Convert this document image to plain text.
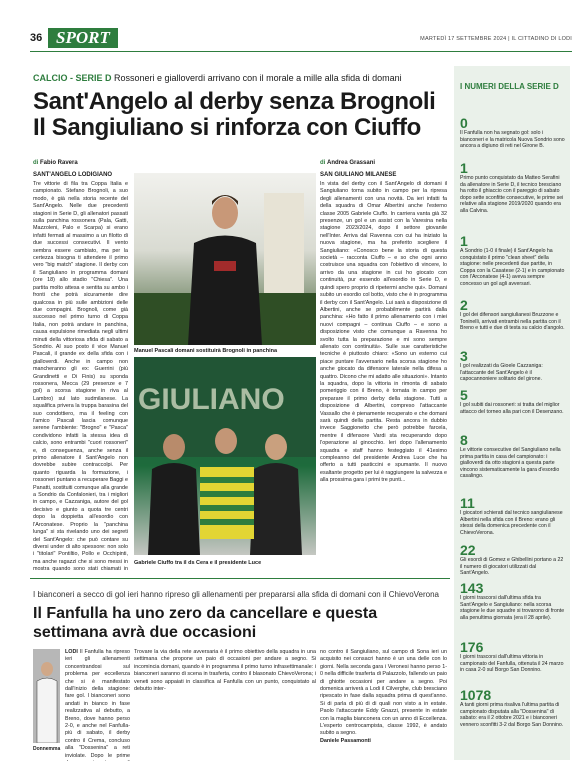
36 SPORT	MARTEDÌ 17 SETTEMBRE 2024 | IL CITTADINO DI LODI
CALCIO - SERIE D Rossoneri e gialloverdi arrivano con il morale a mille alla sfida di domani
Sant'Angelo al derby senza Brognoli Il Sangiuliano si rinforza con Ciuffo
di Fabio Ravera	di Andrea Grassani
SANT'ANGELO LODIGIANO	SAN GIULIANO MILANESE
Tre vittorie di fila tra Coppa Italia e campionato. Stefano Brognoli, a suo modo, è già nella storia recente del Sant'Angelo. Nelle due precedenti stagioni in Serie D, gli allenatori passati sulla panchina rossonera (Pala, Gatti, Mazzoleni, Palo e Scarpa) si erano infatti fermati al massimo a un filotto di due successi consecutivi. Il vento sembra essere cambiato, ma per la certezza bisogna ti attendere il primo vero "big match" stagione. Il derby con il Sangiuliano in programma domani (ore 18) allo stadio "Chiesa". Una partita molto attesa e sentita su ambo i fronti che potrà sicuramente dire qualcosa in più sulle ambizioni delle due compagini. Brognoli, come già successo nel primo turno di Coppa Italia, non potrà andare in panchina, causa espulsione rimediata negli ultimi minuti della vittoriosa sfida di sabato a Sondrio. Al suo posto il vice Manuel Pascali, il grande ex della sfida con i gialloverdi. Anche in campo non mancheranno gli ex: Guerrini (più Grandinetti e Di Finis) su sponda rossonera, Mecca (29 presenze e 7 gol) a scorsa stagione in riva al Lambro) sul lato sudmilanese. La squalifica privera la truppa barasina del suo condottiero, ma il feeling con l'amico Pascali lascia comunque serene l'ambiente: "Brogno" e "Pasca" condividono infatti la stessa idea di calcio, sono entrambi "cuori rossoneri" e, di conseguenza, anche senza il primo allenatore il Sant'Angelo non dovrebbe subire contraccolpi. Per quanto riguarda la formazione, i rossoneri puntano a recuperare Baggi e Panatti, sostituiti comunque alla grande a Sondrio da Confalonieri, tra i migliori in campo, e Cazzaniga, autore del gol decisivo e giunto a quota tre centri dopo la doppietta all'esordio con l'Arconatese. Proprio la "panchina lunga" si sta rivelando uno dei segreti del Sant'Angelo: che può contare su diversi under di alto spessore: non solo i "titolari" Pontiltio, Pollo e Occhipinti, ma anche ragazzi che si sono messi in mostra quando sono stati chiamati in
Manuel Pascali domani sostituirà Brognoli in panchina
GIULIANO
Gabriele Ciuffo tra il ds Cera e il presidente Luce
In vista del derby con il Sant'Angelo di domani il Sangiuliano torna subito in campo per la ripresa degli allenamenti con una novità. Da ieri infatti fa della squadra di Omar Albertini anche l'esterno classe 2005 Gabriele Ciuffo. In carriera vanta già 32 presenze, un gol e un assist con la Varesina nella stagione 2023/2024, dopo il settore giovanile nell'Inter. Arriva dal Ravenna con cui ha iniziato la nuova stagione, ma ha preferito scegliere il Sangiuliano: «Conosco bene la storia di questa società – racconta Ciuffo – e so che ogni anno costruisce una squadra con l'obiettivo di vincere, lo arrivo da una stagione in cui ho giocato con continuità, pur essendo all'esordio in Serie D, e quindi spero proprio di ripetermi anche qui». Domani subito un esordio col botto, visto che è in programma il derby con il Sant'Angelo. Lui sarà a disposizione di Albertini, anche se probabilmente partirà dalla panchina: «Ho fatto il primo allenamento con i miei nuovi compagni – continua Ciuffo – e sono a disposizione visto che comunque a Ravenna ho svolto tutta la preparazione e mi sono sempre allenato con continuità». Sulle sue caratteristiche tecniche è piuttosto chiaro: «Sono un esterno cui piace puntare l'avversario nella scorsa stagione ho anche giocato da difensore laterale nella difesa a quattro. Dicono che mi adatto alle situazioni». Intanto la squadra, dopo la vittoria in rimonta di sabato pomeriggio con il Breno, è tornata in campo per preparare il primo derby della stagione. Tutti a disposizione di Albertini, compreso l'attaccante Vassallo che è pienamente recuperato e che domani sarà quindi della partita. Resta ancora in dubbio invece Saggionetto che però potrebbe farcela, mentre il difensore Vardi sta recuperando dopo l'operazione al ginocchio. Ieri dopo l'allenamento squadra e staff hanno festeggiato il 41esimo compleanno del presidente Andrea Luce che ha offerto a tutti pasticcini e spumante. Il nuovo esaltante progetto per lui è raggiungere la salvezza e alla prossima gara i primi tre punti...
I bianconeri a secco di gol ieri hanno ripreso gli allenamenti per prepararsi alla sfida di domani con il ChievoVerona
Il Fanfulla ha uno zero da cancellare e questa settimana avrà due occasioni
Donnemma
LODI Il Fanfulla ha ripreso ieri gli allenamenti concentrandosi sul problema per eccellenza che si è manifestato dall'inizio della stagione: fare gol. I bianconeri sono andati in bianco in fase realizzativa al debutto, a Breno, dove hanno perso 2-0, e anche nel Fanfulla-più di sabato, il derby contro il Crema, concluso alla "Dossenina" a reti inviolate. Dopo le prime
Trovare la via della rete avversaria è il primo obiettivo della squadra in una settimana che propone un paio di occasioni per andare a segno. Si incomincia domani, quando è in programma il primo turno infrasettimanale: i bianconeri saranno di scena in trasferta, contro il blasonato ChievoVerona; i veneti sono appaiati in classifica al Fanfulla con un punto, conquistato al debutto inter-
no contro il Sangiuliano, sul campo di Sona ieri un acquisito nei consacri hanno è un una delle con lo giorni. Nella seconda gara i Veronesi hanno perso 1-0 nella difficile trasferta di Palazzolo, fallendo un paio di ghiotte occasioni per andare a segno. Poi domenica arriverà a Lodi il Cilverghe, club bresciano ripescato in fase dalla squadra prima di quest'anno. Si di parla di più di di quali non visto a in estate. Paolo l'attaccante Eddy Gnazzi, presente in estate con la maglia bianconera con un anno di Eccellenza. L'esperto centrocampista, classe 1992, è andato subito a segno.
Daniele Passamonti
I NUMERI DELLA SERIE D
0
Il Fanfulla non ha segnato gol: solo i bianconeri e la matricola Nuova Sondrio sono ancora a digiuno di reti nel Girone B.
1
Primo punto conquistato da Matteo Serafini da allenatore in Serie D, il tecnico bresciano ha rotto il ghiaccio con il pareggio di sabato dopo sette sconfitte consecutive, le prime sei relative alla stagione 2019/2020 quando era alla Calvina.
1
A Sondrio (1-0 il finale) il Sant'Angelo ha conquistato il primo "clean sheet" della stagione: nelle precedenti due partite, in Coppa con la Casatese (2-1) e in campionato con l'Arconatese (4-1) aveva sempre concesso un gol agli avversari.
2
I gol dei difensori sangiulianesi Bruzzone e Toninelli, arrivati entrambi nella partita con il Breno e tutti e due di testa su calcio d'angolo.
3
I gol realizzati da Gioele Cazzaniga: l'attaccante del Sant'Angelo è il capocannoniere solitario del girone.
5
I gol subiti dai rossoneri: si tratta del miglior attacco del torneo alla pari con il Desenzano.
8
Le vittorie consecutive del Sangiuliano nella prima partita in casa del campionato: i gialloverdi da otto stagioni a questa parte vincono sistematicamente la gara d'esordio casalingo.
11
I giocatori schierati dal tecnico sangiulianese Albertini nella sfida con il Breno: erano gli stessi della domenica precedente con il ChievoVerona.
22
Gli esordi di Gomez e Ghibellini portano a 22 il numero di giocatori utilizzati dal Sant'Angelo.
143
I giorni trascorsi dall'ultima sfida tra Sant'Angelo e Sangiuliano: nella scorsa stagione le due squadre si trovarono di fronte alla penultima giornata (era il 28 aprile).
176
I giorni trascorsi dall'ultima vittoria in campionato del Fanfulla, ottenuta il 24 marzo in casa 2-0 sul Borgo San Donnino.
1078
A tanti giorni prima risaliva l'ultima partita di campionato disputata alla "Dossenina" di sabato: era il 2 ottobre 2021 e i bianconeri vennero sconfitti 3-2 dal Borgo San Donnino.
